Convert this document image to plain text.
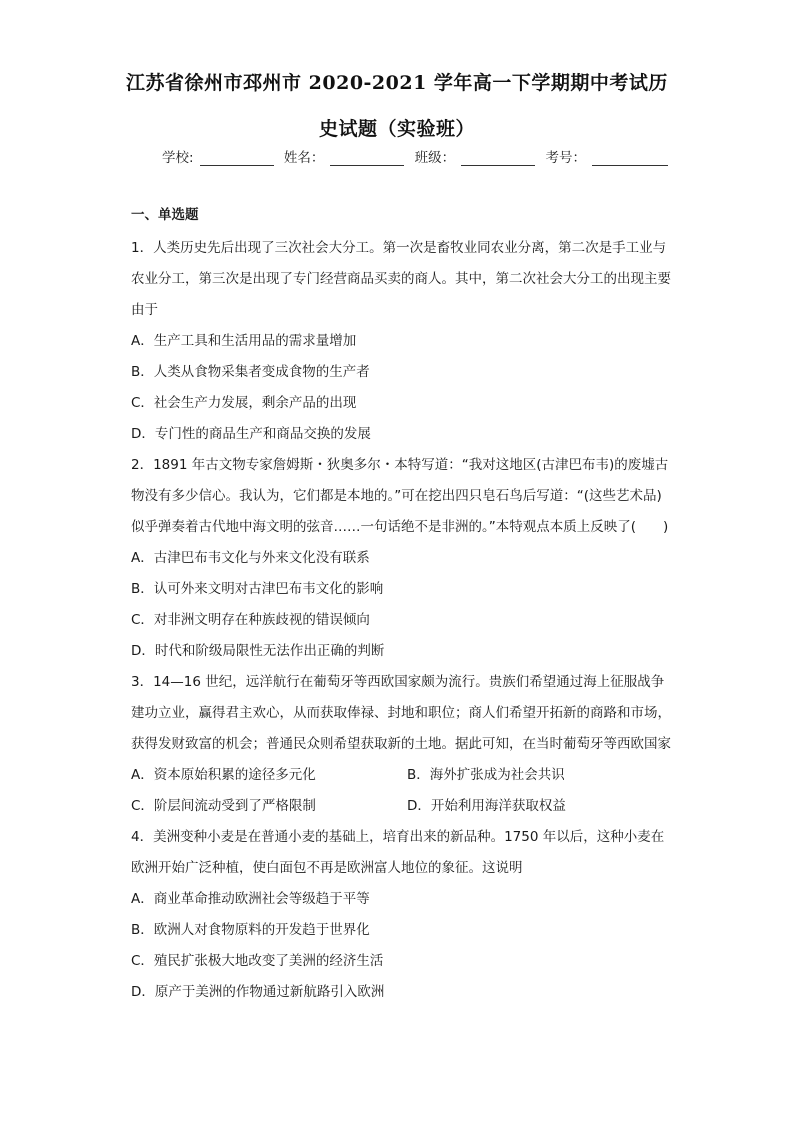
江苏省徐州市邳州市 2020-2021 学年高一下学期期中考试历
史试题（实验班）
学校:	姓名：	班级：	考号：
一、单选题
1．人类历史先后出现了三次社会大分工。第一次是畜牧业同农业分离，第二次是手工业与农业分工，第三次是出现了专门经营商品买卖的商人。其中，第二次社会大分工的出现主要由于
A．生产工具和生活用品的需求量增加
B．人类从食物采集者变成食物的生产者
C．社会生产力发展，剩余产品的出现
D．专门性的商品生产和商品交换的发展
2．1891 年古文物专家詹姆斯・狄奥多尔・本特写道：“我对这地区(古津巴布韦)的废墟古物没有多少信心。我认为，它们都是本地的。”可在挖出四只皂石鸟后写道：“(这些艺术品)似乎弹奏着古代地中海文明的弦音……一句话绝不是非洲的。”本特观点本质上反映了(　　)
A．古津巴布韦文化与外来文化没有联系
B．认可外来文明对古津巴布韦文化的影响
C．对非洲文明存在种族歧视的错误倾向
D．时代和阶级局限性无法作出正确的判断
3．14—16 世纪，远洋航行在葡萄牙等西欧国家颇为流行。贵族们希望通过海上征服战争建功立业，赢得君主欢心，从而获取俸禄、封地和职位；商人们希望开拓新的商路和市场，获得发财致富的机会；普通民众则希望获取新的土地。据此可知，在当时葡萄牙等西欧国家
A．资本原始积累的途径多元化	B．海外扩张成为社会共识
C．阶层间流动受到了严格限制	D．开始利用海洋获取权益
4．美洲变种小麦是在普通小麦的基础上，培育出来的新品种。1750 年以后，这种小麦在欧洲开始广泛种植，使白面包不再是欧洲富人地位的象征。这说明
A．商业革命推动欧洲社会等级趋于平等
B．欧洲人对食物原料的开发趋于世界化
C．殖民扩张极大地改变了美洲的经济生活
D．原产于美洲的作物通过新航路引入欧洲
